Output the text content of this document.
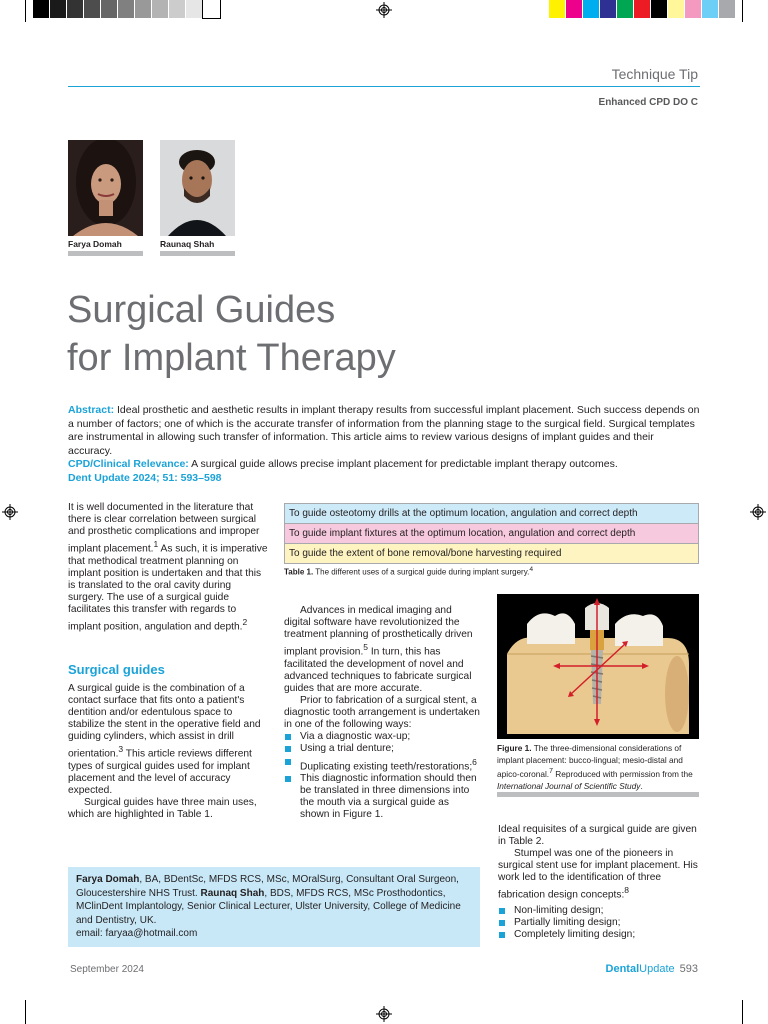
Technique Tip
Enhanced CPD DO C
Farya Domah	Raunaq Shah
Surgical Guides
for Implant Therapy

Abstract: Ideal prosthetic and aesthetic results in implant therapy results from successful implant placement. Such success depends on a number of factors; one of which is the accurate transfer of information from the planning stage to the surgical field. Surgical templates are instrumental in allowing such transfer of information. This article aims to review various designs of implant guides and their accuracy.
CPD/Clinical Relevance: A surgical guide allows precise implant placement for predictable implant therapy outcomes.
Dent Update 2024; 51: 593–598

It is well documented in the literature that there is clear correlation between surgical and prosthetic complications and improper implant placement.$^1$ As such, it is imperative that methodical treatment planning on implant position is undertaken and that this is translated to the oral cavity during surgery. The use of a surgical guide facilitates this transfer with regards to implant position, angulation and depth.$^2$

Surgical guides

A surgical guide is the combination of a contact surface that fits onto a patient's dentition and/or edentulous space to stabilize the stent in the operative field and guiding cylinders, which assist in drill orientation.$^3$ This article reviews different types of surgical guides used for implant placement and the level of accuracy expected.

Surgical guides have three main uses, which are highlighted in Table 1.

To guide osteotomy drills at the optimum location, angulation and correct depth
To guide implant fixtures at the optimum location, angulation and correct depth
To guide the extent of bone removal/bone harvesting required
Table 1. The different uses of a surgical guide during implant surgery.$^4$

Advances in medical imaging and digital software have revolutionized the treatment planning of prosthetically driven implant provision.$^5$ In turn, this has facilitated the development of novel and advanced techniques to fabricate surgical guides that are more accurate.

Prior to fabrication of a surgical stent, a diagnostic tooth arrangement is undertaken in one of the following ways:

Via a diagnostic wax-up;
Using a trial denture;
Duplicating existing teeth/restorations;$^6$
This diagnostic information should then be translated in three dimensions into the mouth via a surgical guide as shown in Figure 1.
Figure 1. The three-dimensional considerations of implant placement: bucco-lingual; mesio-distal and apico-coronal.$^7$ Reproduced with permission from the International Journal of Scientific Study.

Ideal requisites of a surgical guide are given in Table 2.

Stumpel was one of the pioneers in surgical stent use for implant placement. His work led to the identification of three fabrication design concepts:$^8$

Non-limiting design;
Partially limiting design;
Completely limiting design;
Farya Domah, BA, BDentSc, MFDS RCS, MSc, MOralSurg, Consultant Oral Surgeon, Gloucestershire NHS Trust. Raunaq Shah, BDS, MFDS RCS, MSc Prosthodontics, MClinDent Implantology, Senior Clinical Lecturer, Ulster University, College of Medicine and Dentistry, UK.
email: faryaa@hotmail.com
September 2024	DentalUpdate 593
